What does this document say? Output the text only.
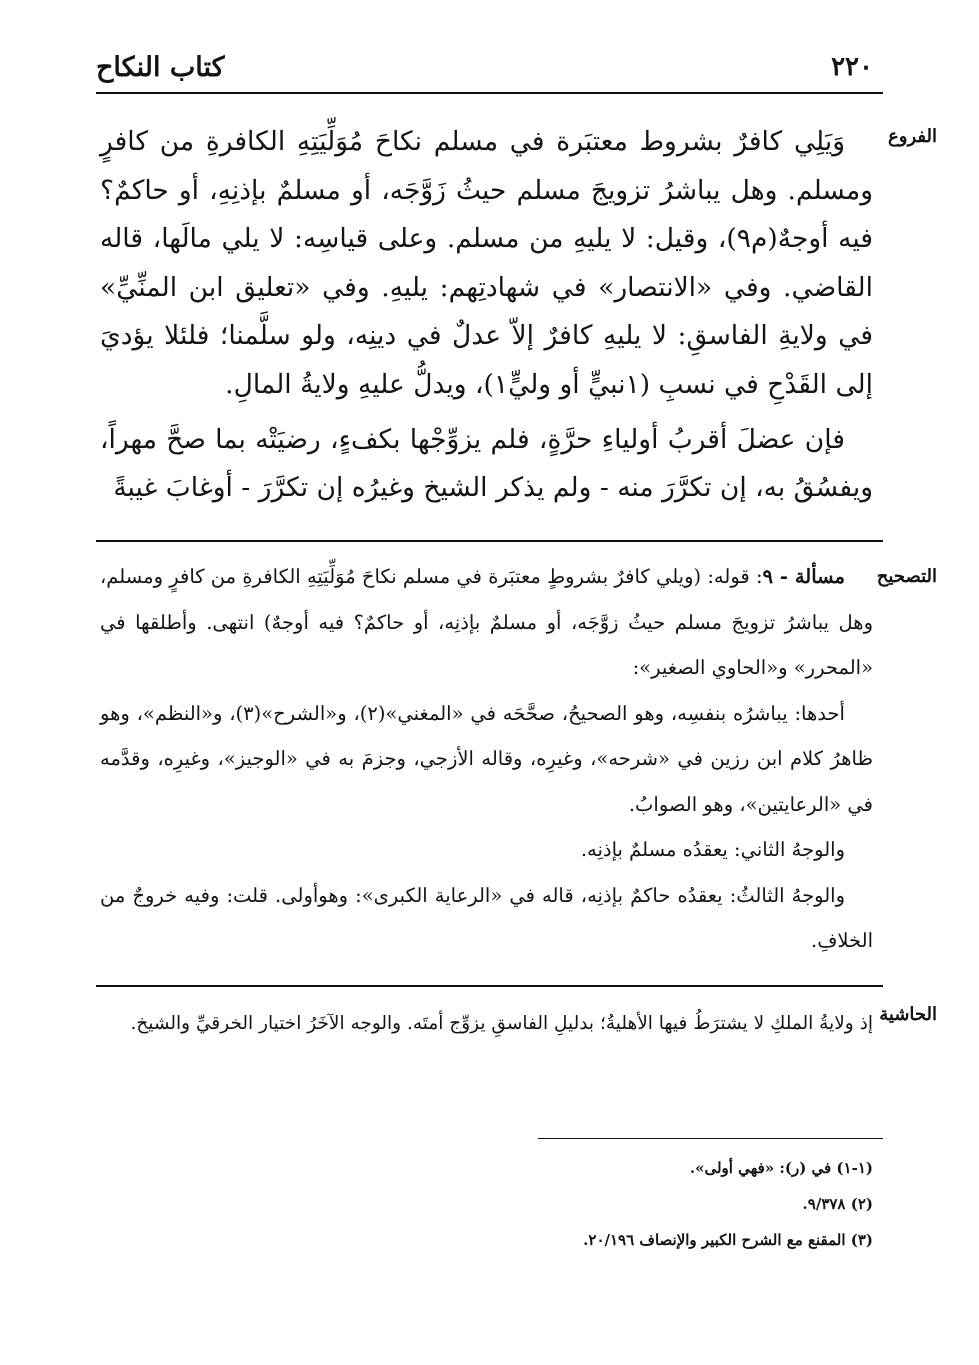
كتاب النكاح	٢٢٠
الفروع

وَيَلِي كافرٌ بشروط معتبَرة في مسلم نكاحَ مُوَلِّيَتِهِ الكافرةِ من كافرٍ ومسلم. وهل يباشرُ تزويجَ مسلم حيثُ زَوَّجَه، أو مسلمٌ بإذنِهِ، أو حاكمٌ؟ فيه أوجهٌ(م٩)، وقيل: لا يليهِ من مسلم. وعلى قياسِه: لا يلي مالَها، قاله القاضي. وفي «الانتصار» في شهادتِهم: يليهِ. وفي «تعليق ابن المنِّيِّ» في ولايةِ الفاسقِ: لا يليهِ كافرٌ إلاّ عدلٌ في دينِه، ولو سلَّمنا؛ فلئلا يؤديَ إلى القَدْحِ في نسبِ (١نبيٍّ أو وليٍّ١)، ويدلُّ عليهِ ولايةُ المالِ.

فإن عضلَ أقربُ أولياءِ حرَّةٍ، فلم يزوِّجْها بكفءٍ، رضيَتْه بما صحَّ مهراً، ويفسُقُ به، إن تكرَّرَ منه - ولم يذكر الشيخ وغيرُه إن تكرَّرَ - أوغابَ غيبةً

التصحيح

مسألة - ٩: قوله: (ويلي كافرٌ بشروطٍ معتبَرة في مسلم نكاحَ مُوَلِّيَتِهِ الكافرةِ من كافرٍ ومسلم، وهل يباشرُ تزويجَ مسلم حيثُ زوَّجَه، أو مسلمٌ بإذنِه، أو حاكمٌ؟ فيه أوجهٌ) انتهى. وأطلقها في «المحرر» و«الحاوي الصغير»:

أحدها: يباشرُه بنفسِه، وهو الصحيحُ، صحَّحَه في «المغني»(٢)، و«الشرح»(٣)، و«النظم»، وهو ظاهرُ كلام ابن رزين في «شرحه»، وغيرِه، وقاله الأزجي، وجزمَ به في «الوجيز»، وغيرِه، وقدَّمه في «الرعايتين»، وهو الصوابُ.

والوجهُ الثاني: يعقدُه مسلمٌ بإذنِه.

والوجهُ الثالثُ: يعقدُه حاكمٌ بإذنِه، قاله في «الرعاية الكبرى»: وهوأولى. قلت: وفيه خروجٌ من الخلافِ.

الحاشية

إذ ولايةُ الملكِ لا يشترَطُ فيها الأهليةُ؛ بدليلِ الفاسقِ يزوِّج أمتَه. والوجه الآخَرُ اختيار الخرقيِّ والشيخ.

(١-١) في (ر): «فهي أولى».

(٢) ٩/٣٧٨.

(٣) المقنع مع الشرح الكبير والإنصاف ٢٠/١٩٦.
